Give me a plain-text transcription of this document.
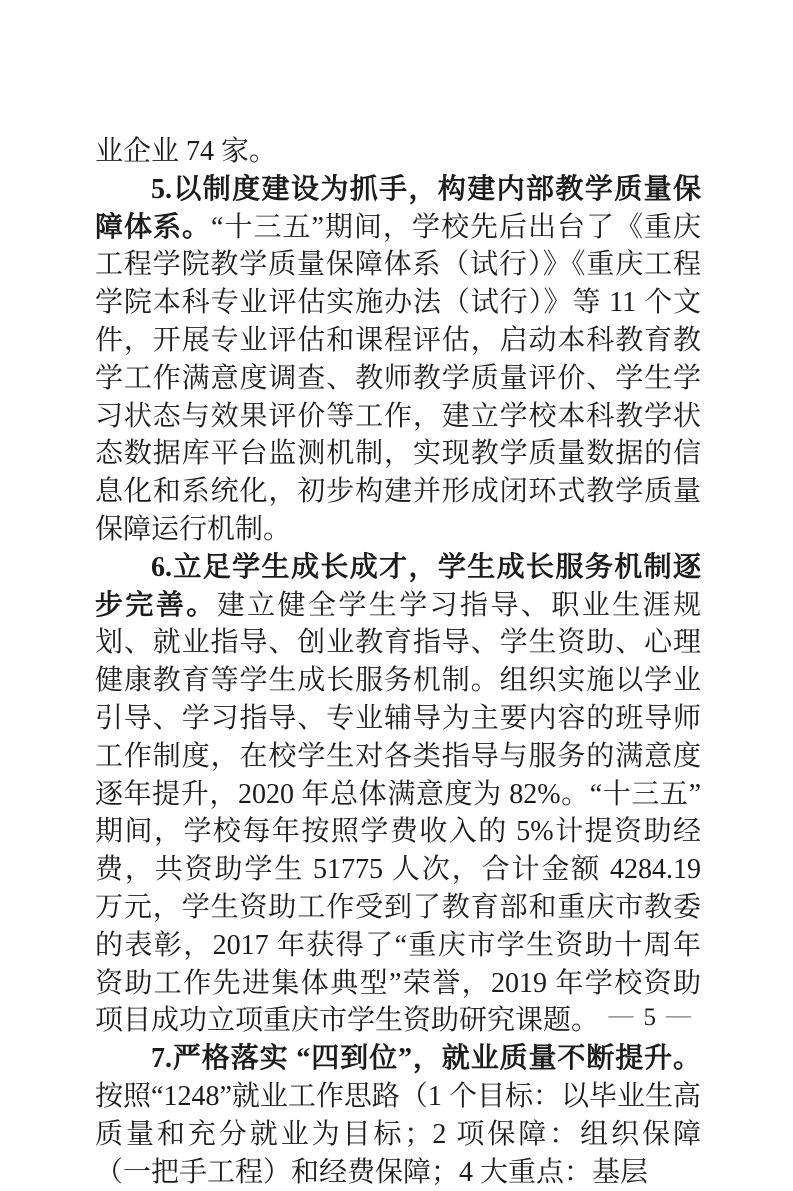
业企业 74 家。

5.以制度建设为抓手，构建内部教学质量保障体系。“十三五”期间，学校先后出台了《重庆工程学院教学质量保障体系（试行）》《重庆工程学院本科专业评估实施办法（试行）》等 11 个文件，开展专业评估和课程评估，启动本科教育教学工作满意度调查、教师教学质量评价、学生学习状态与效果评价等工作，建立学校本科教学状态数据库平台监测机制，实现教学质量数据的信息化和系统化，初步构建并形成闭环式教学质量保障运行机制。

6.立足学生成长成才，学生成长服务机制逐步完善。建立健全学生学习指导、职业生涯规划、就业指导、创业教育指导、学生资助、心理健康教育等学生成长服务机制。组织实施以学业引导、学习指导、专业辅导为主要内容的班导师工作制度，在校学生对各类指导与服务的满意度逐年提升，2020 年总体满意度为 82%。“十三五”期间，学校每年按照学费收入的 5%计提资助经费，共资助学生 51775 人次，合计金额 4284.19 万元，学生资助工作受到了教育部和重庆市教委的表彰，2017 年获得了“重庆市学生资助十周年资助工作先进集体典型”荣誉，2019 年学校资助项目成功立项重庆市学生资助研究课题。

7.严格落实 “四到位”，就业质量不断提升。按照“1248”就业工作思路（1 个目标：以毕业生高质量和充分就业为目标；2 项保障：组织保障（一把手工程）和经费保障；4 大重点：基层

— 5 —
